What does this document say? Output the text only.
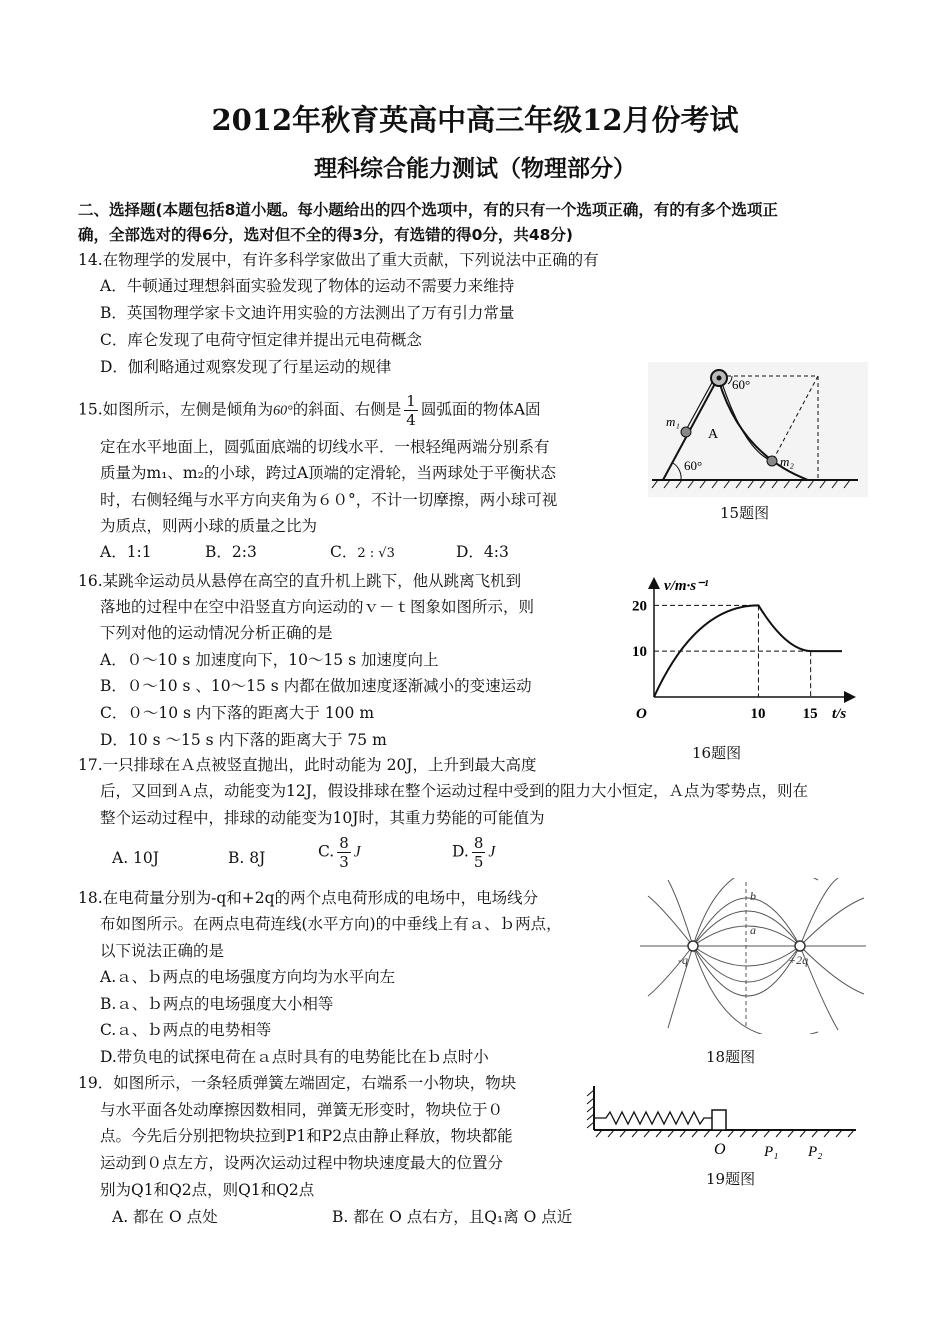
2012年秋育英高中高三年级12月份考试
理科综合能力测试（物理部分）
二、选择题(本题包括8道小题。每小题给出的四个选项中，有的只有一个选项正确，有的有多个选项正
确，全部选对的得6分，选对但不全的得3分，有选错的得0分，共48分)
14.在物理学的发展中，有许多科学家做出了重大贡献，下列说法中正确的有
A．牛顿通过理想斜面实验发现了物体的运动不需要力来维持
B．英国物理学家卡文迪许用实验的方法测出了万有引力常量
C．库仑发现了电荷守恒定律并提出元电荷概念
D．伽利略通过观察发现了行星运动的规律
15.如图所示，左侧是倾角为60°的斜面、右侧是 $\frac{1}{4}$ 圆弧面的物体A固
定在水平地面上，圆弧面底端的切线水平．一根轻绳两端分别系有
质量为m₁、m₂的小球，跨过A顶端的定滑轮，当两球处于平衡状态
时，右侧轻绳与水平方向夹角为６０°，不计一切摩擦，两小球可视
为质点，则两小球的质量之比为
A．1:1	B．2:3	C．2 : √3	D．4:3
60°
60°
m₁
m₂
A
15题图
16.某跳伞运动员从悬停在高空的直升机上跳下，他从跳离飞机到
落地的过程中在空中沿竖直方向运动的ｖ－ｔ图象如图所示，则
下列对他的运动情况分析正确的是
A．０～10 s 加速度向下，10～15 s 加速度向上
B．０～10 s 、10～15 s 内都在做加速度逐渐减小的变速运动
C．０～10 s 内下落的距离大于 100 m
D．10 s ～15 s 内下落的距离大于 75 m
v/m·s⁻¹
t/s
O
20
10
10 15
16题图
17.一只排球在Ａ点被竖直抛出，此时动能为 20J，上升到最大高度
后，又回到Ａ点，动能变为12J，假设排球在整个运动过程中受到的阻力大小恒定，Ａ点为零势点，则在
整个运动过程中，排球的动能变为10J时，其重力势能的可能值为
A. 10J	B. 8J	C. $\frac{8}{3}$ J	D. $\frac{8}{5}$ J
18.在电荷量分别为-q和+2q的两个点电荷形成的电场中，电场线分
布如图所示。在两点电荷连线(水平方向)的中垂线上有ａ、ｂ两点，
以下说法正确的是
A.ａ、ｂ两点的电场强度方向均为水平向左
B.ａ、ｂ两点的电场强度大小相等
C.ａ、ｂ两点的电势相等
D.带负电的试探电荷在ａ点时具有的电势能比在ｂ点时小
-q	+2q
a
b
18题图
19．如图所示，一条轻质弹簧左端固定，右端系一小物块，物块
与水平面各处动摩擦因数相同，弹簧无形变时，物块位于０
点。今先后分别把物块拉到P1和P2点由静止释放，物块都能
运动到０点左方，设两次运动过程中物块速度最大的位置分
别为Q1和Q2点，则Q1和Q2点
A. 都在 O 点处	B. 都在 O 点右方，且Q₁离 O 点近
O	P₁ P₂
19题图
